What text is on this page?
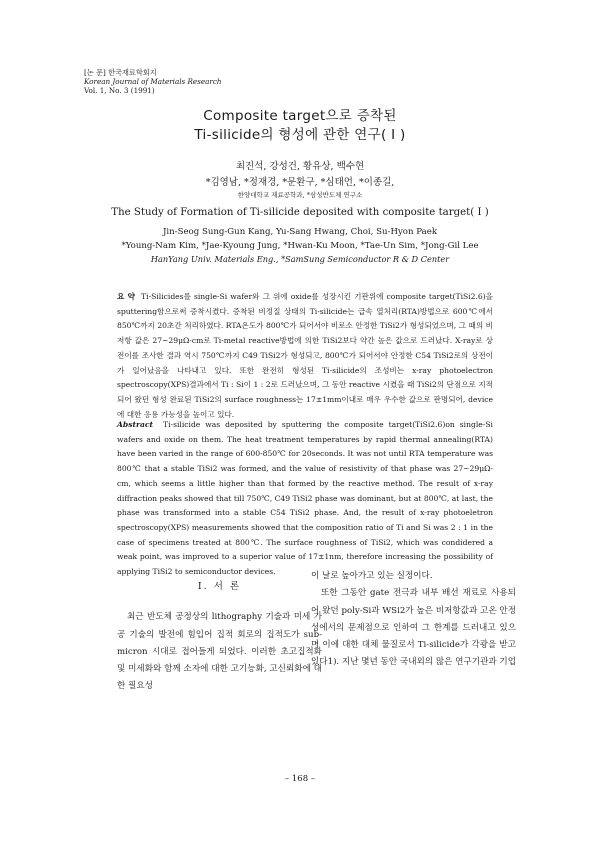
[논 문] 한국재료학회지
Korean Journal of Materials Research
Vol. 1, No. 3 (1991)
Composite target으로 증착된
Ti-silicide의 형성에 관한 연구( I )
최진석, 강성건, 황유상, 백수현
*김영남, *정재경, *문환구, *심태언, *이종길,
한양대학교 재료공학과, *삼성반도체 연구소
The Study of Formation of Ti-silicide deposited with composite target( I )
Jin-Seog Sung-Gun Kang, Yu-Sang Hwang, Choi, Su-Hyon Paek
*Young-Nam Kim, *Jae-Kyoung Jung, *Hwan-Ku Moon, *Tae-Un Sim, *Jong-Gil Lee
HanYang Univ. Materials Eng., *SamSung Semiconductor R & D Center

요 약 Ti-Silicides를 single-Si wafer와 그 위에 oxide를 성장시킨 기판위에 composite target(TiSi2.6)을 sputtering함으로써 증착시켰다. 증착된 비정질 상태의 Ti-silicide는 급속 열처리(RTA)방법으로 600℃에서 850℃까지 20초간 처리하였다. RTA온도가 800℃가 되어서야 비로소 안정한 TiSi2가 형성되었으며, 그 때의 비저항 값은 27~29μΩ-cm로 Ti-metal reactive방법에 의한 TiSi2보다 약간 높은 값으로 드러났다. X-ray로 상전이를 조사한 결과 역시 750℃까지 C49 TiSi2가 형성되고, 800℃가 되어서야 안정한 C54 TiSi2로의 상전이가 일어났음을 나타내고 있다. 또한 완전히 형성된 Ti-silicide의 조성비는 x-ray photoelectron spectroscopy(XPS)결과에서 Ti : Si이 1 : 2로 드러났으며, 그 동안 reactive 시켰을 때 TiSi2의 단점으로 지적되어 왔던 형성 완료된 TiSi2의 surface roughness는 17±1mm이내로 매우 우수한 값으로 판명되어, device에 대한 응용 가능성을 높이고 있다.

Abstract Ti-silicide was deposited by sputtering the composite target(TiSi2.6)on single-Si wafers and oxide on them. The heat treatment temperatures by rapid thermal annealing(RTA) have been varied in the range of 600-850℃ for 20seconds. It was not until RTA temperature was 800℃ that a stable TiSi2 was formed, and the value of resistivity of that phase was 27~29μΩ-cm, which seems a little higher than that formed by the reactive method. The result of x-ray diffraction peaks showed that till 750℃, C49 TiSi2 phase was dominant, but at 800℃, at last, the phase was transformed into a stable C54 TiSi2 phase. And, the result of x-ray photoeletron spectroscopy(XPS) measurements showed that the composition ratio of Ti and Si was 2 : 1 in the case of specimens treated at 800℃. The surface roughness of TiSi2, which was condidered a weak point, was improved to a superior value of 17±1nm, therefore increasing the possibility of applying TiSi2 to semiconductor devices.

I. 서 론

최근 반도체 공정상의 lithography 기술과 미세 가공 기술의 발전에 힘입어 집적 회로의 집적도가 sub-micron 시대로 접어들게 되었다. 이러한 초고집적화 및 미세화와 함께 소자에 대한 고기능화, 고신뢰화에 대한 필요성

이 날로 높아가고 있는 실정이다.

또한 그동안 gate 전극과 내부 배선 재료로 사용되어 왔던 poly-Si과 WSi2가 높은 비저항값과 고온 안정성에서의 문제점으로 인하여 그 한계를 드러내고 있으며 이에 대한 대체 물질로서 Ti-silicide가 각광을 받고 있다1). 지난 몇년 동안 국내외의 많은 연구기관과 기업

– 168 –
